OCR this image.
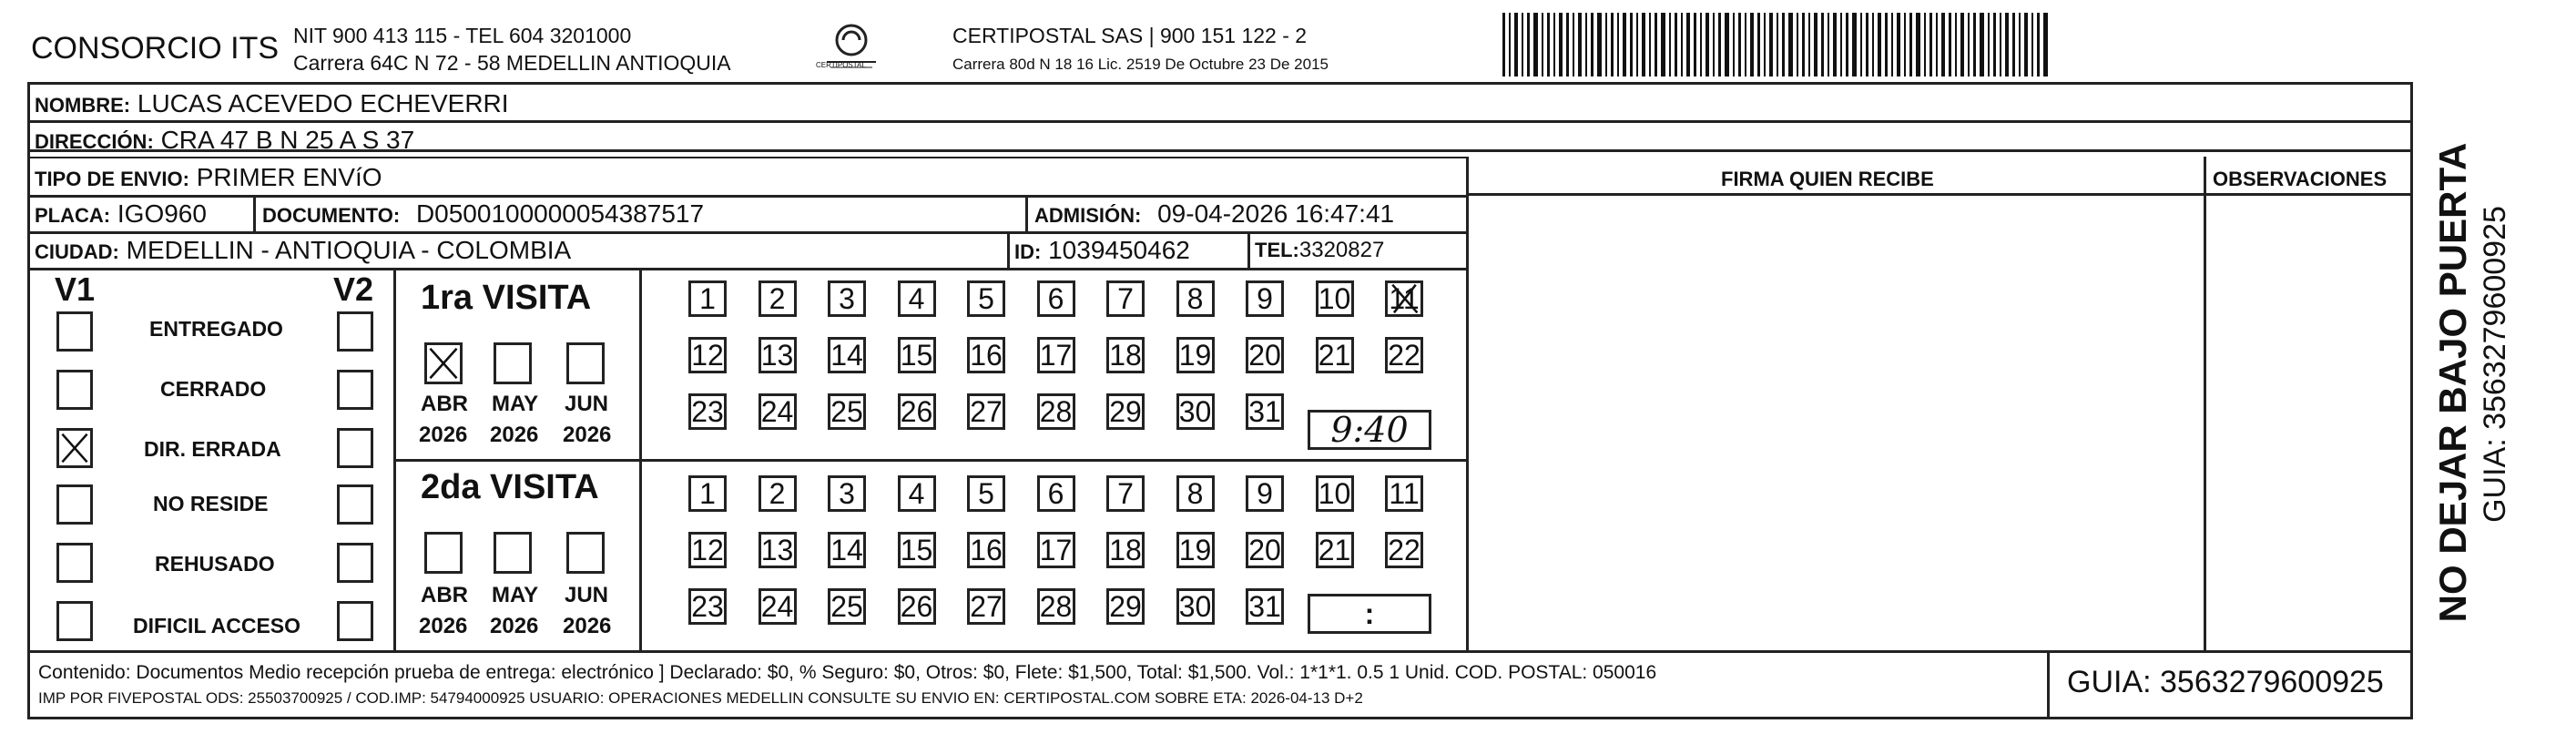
CONSORCIO ITS NIT 900 413 115 - TEL 604 3201000
Carrera 64C N 72 - 58 MEDELLIN ANTIOQUIA	CERTIPOSTAL
CERTIPOSTAL SAS | 900 151 122 - 2
Carrera 80d N 18 16 Lic. 2519 De Octubre 23 De 2015
NOMBRE: LUCAS ACEVEDO ECHEVERRI
DIRECCIÓN: CRA 47 B N 25 A S 37
TIPO DE ENVIO: PRIMER ENVíO
PLACA: IGO960	DOCUMENTO: D0500100000054387517	ADMISIÓN: 09-04-2026 16:47:41
CIUDAD: MEDELLIN - ANTIOQUIA - COLOMBIA	ID: 1039450462	TEL:3320827
FIRMA QUIEN RECIBE	OBSERVACIONES
V1	V2
ENTREGADO
CERRADO
DIR. ERRADA
NO RESIDE
REHUSADO
DIFICIL ACCESO
1ra VISITA
ABR MAY JUN
2026 2026 2026
1 2 3 4 5 6 7 8 9 10 11
12 13 14 15 16 17 18 19 20 21 22
23 24 25 26 27 28 29 30 31 9:40
2da VISITA
ABR MAY JUN
2026 2026 2026
1 2 3 4 5 6 7 8 9 10 11
12 13 14 15 16 17 18 19 20 21 22
23 24 25 26 27 28 29 30 31	:
Contenido: Documentos Medio recepción prueba de entrega: electrónico ] Declarado: $0, % Seguro: $0, Otros: $0, Flete: $1,500, Total: $1,500. Vol.: 1*1*1. 0.5 1 Unid. COD. POSTAL: 050016
IMP POR FIVEPOSTAL ODS: 25503700925 / COD.IMP: 54794000925 USUARIO: OPERACIONES MEDELLIN CONSULTE SU ENVIO EN: CERTIPOSTAL.COM SOBRE ETA: 2026-04-13 D+2	GUIA: 3563279600925
NO DEJAR BAJO PUERTA GUIA: 3563279600925
